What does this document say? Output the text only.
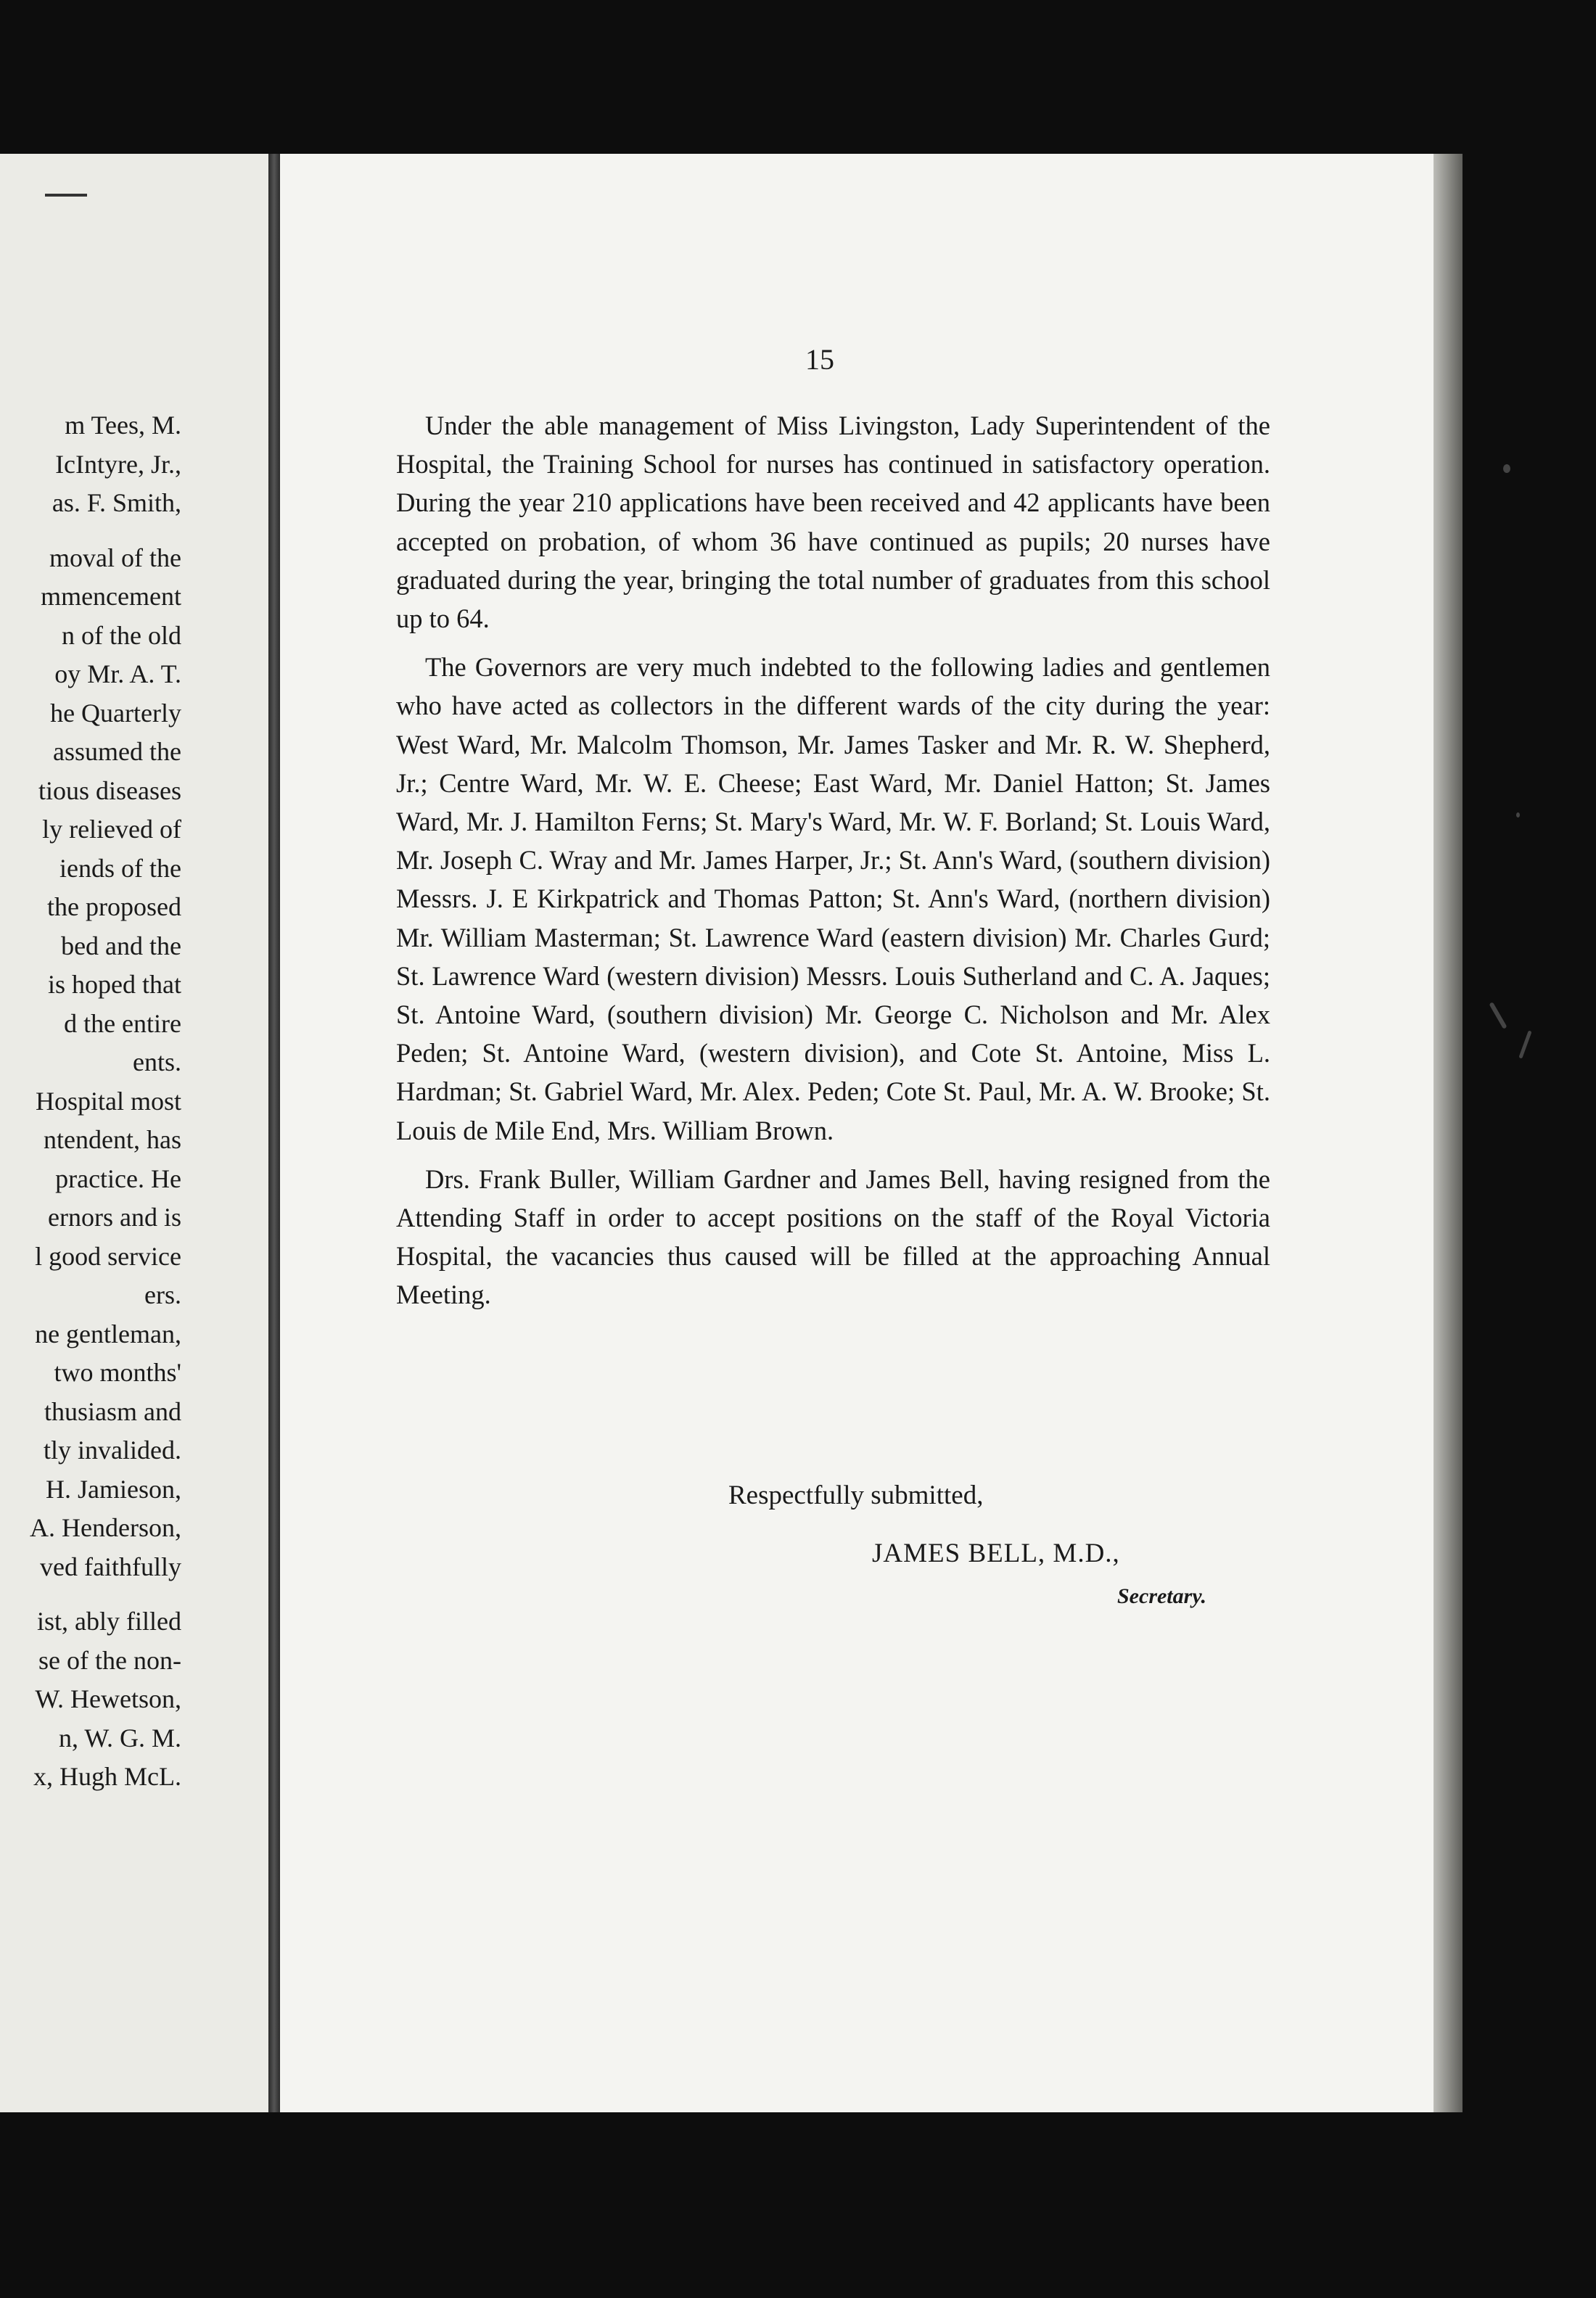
m Tees, M.
IcIntyre, Jr.,
as. F. Smith,
moval of the
mmencement
n of the old
oy Mr. A. T.
he Quarterly
assumed the
tious diseases
ly relieved of
iends of the
the proposed
bed and the
is hoped that
d the entire
ents.
Hospital most
ntendent, has
practice. He
ernors and is
l good service
ers.
ne gentleman,
two months'
thusiasm and
tly invalided.
H. Jamieson,
A. Henderson,
ved faithfully
ist, ably filled
se of the non-
W. Hewetson,
n, W. G. M.
x, Hugh McL.
15

Under the able management of Miss Livingston, Lady Superintendent of the Hospital, the Training School for nurses has continued in satisfactory operation. During the year 210 applications have been received and 42 applicants have been accepted on probation, of whom 36 have continued as pupils; 20 nurses have graduated during the year, bringing the total number of graduates from this school up to 64.

The Governors are very much indebted to the following ladies and gentlemen who have acted as collectors in the different wards of the city during the year: West Ward, Mr. Malcolm Thomson, Mr. James Tasker and Mr. R. W. Shepherd, Jr.; Centre Ward, Mr. W. E. Cheese; East Ward, Mr. Daniel Hatton; St. James Ward, Mr. J. Hamilton Ferns; St. Mary's Ward, Mr. W. F. Borland; St. Louis Ward, Mr. Joseph C. Wray and Mr. James Harper, Jr.; St. Ann's Ward, (southern division) Messrs. J. E Kirkpatrick and Thomas Patton; St. Ann's Ward, (northern division) Mr. William Masterman; St. Lawrence Ward (eastern division) Mr. Charles Gurd; St. Lawrence Ward (western division) Messrs. Louis Sutherland and C. A. Jaques; St. Antoine Ward, (southern division) Mr. George C. Nicholson and Mr. Alex Peden; St. Antoine Ward, (western division), and Cote St. Antoine, Miss L. Hardman; St. Gabriel Ward, Mr. Alex. Peden; Cote St. Paul, Mr. A. W. Brooke; St. Louis de Mile End, Mrs. William Brown.

Drs. Frank Buller, William Gardner and James Bell, having resigned from the Attending Staff in order to accept positions on the staff of the Royal Victoria Hospital, the vacancies thus caused will be filled at the approaching Annual Meeting.

Respectfully submitted,
JAMES BELL, M.D.,
Secretary.
